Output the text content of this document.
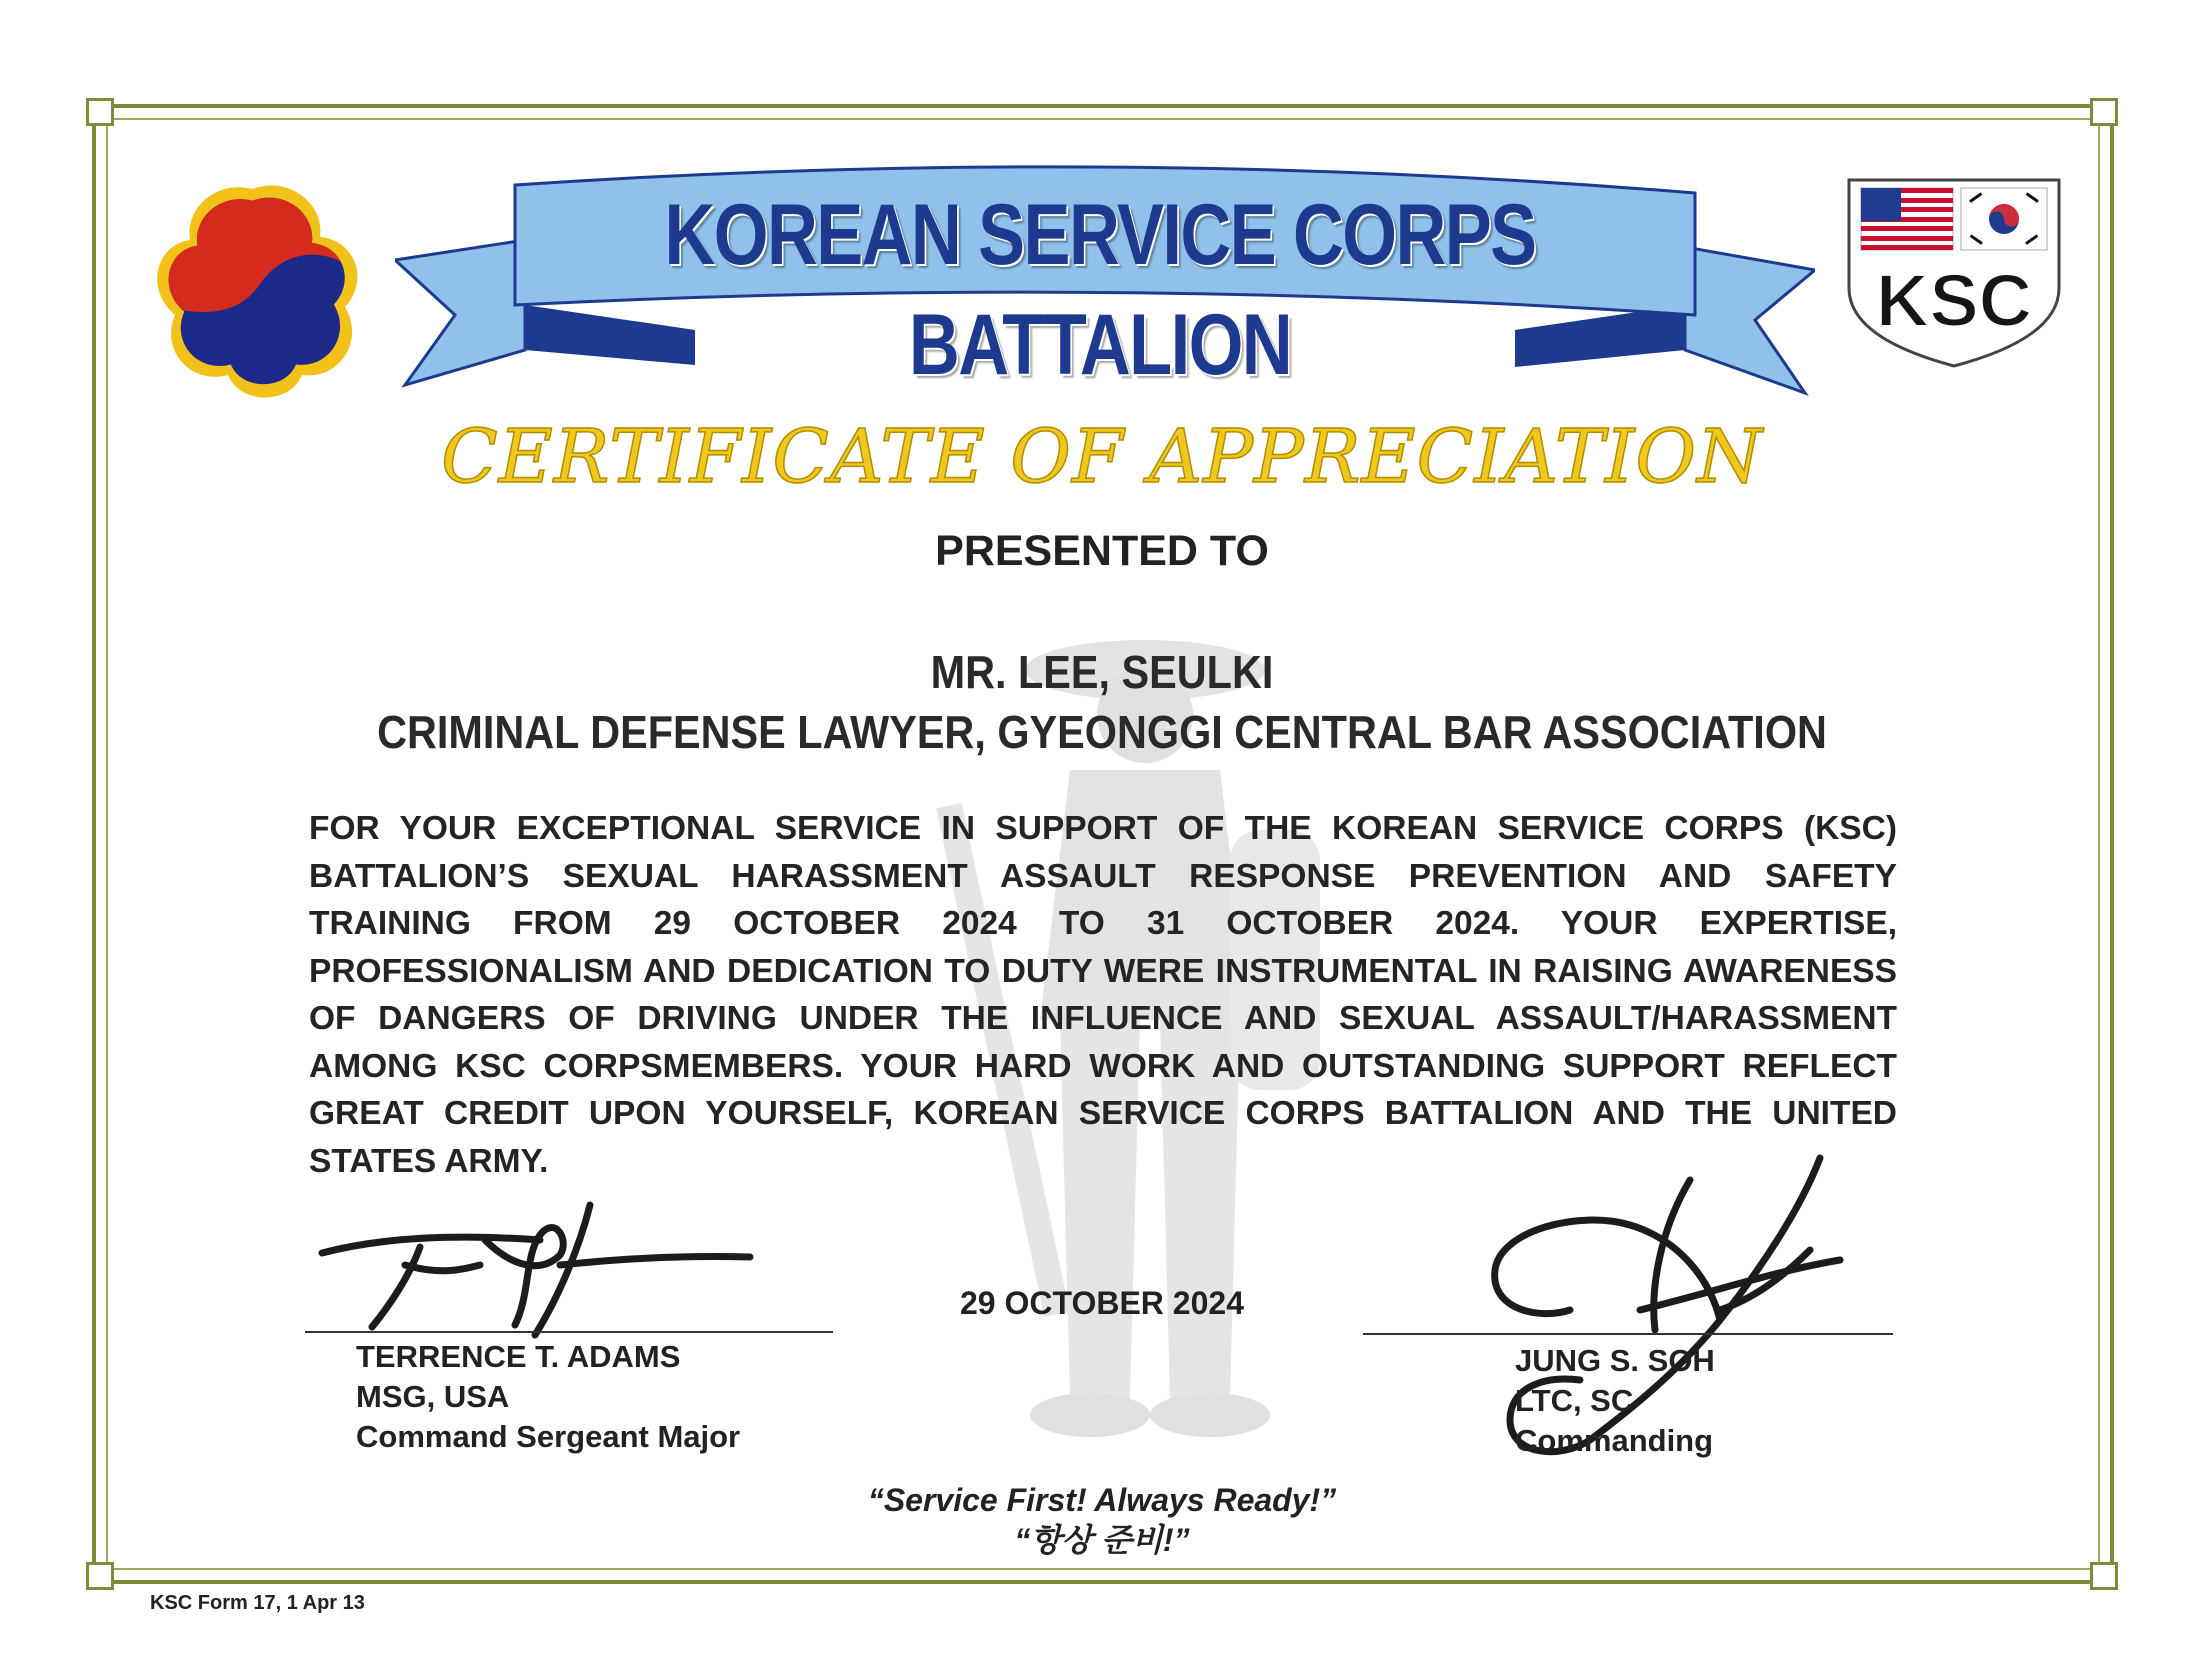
KOREAN SERVICE CORPS BATTALION	KSC
CERTIFICATE OF APPRECIATION
PRESENTED TO
MR. LEE, SEULKI
CRIMINAL DEFENSE LAWYER, GYEONGGI CENTRAL BAR ASSOCIATION
FOR YOUR EXCEPTIONAL SERVICE IN SUPPORT OF THE KOREAN SERVICE CORPS (KSC) BATTALION’S SEXUAL HARASSMENT ASSAULT RESPONSE PREVENTION AND SAFETY TRAINING FROM 29 OCTOBER 2024 TO 31 OCTOBER 2024. YOUR EXPERTISE, PROFESSIONALISM AND DEDICATION TO DUTY WERE INSTRUMENTAL IN RAISING AWARENESS OF DANGERS OF DRIVING UNDER THE INFLUENCE AND SEXUAL ASSAULT/HARASSMENT AMONG KSC CORPSMEMBERS. YOUR HARD WORK AND OUTSTANDING SUPPORT REFLECT GREAT CREDIT UPON YOURSELF, KOREAN SERVICE CORPS BATTALION AND THE UNITED STATES ARMY.
TERRENCE T. ADAMS
MSG, USA
Command Sergeant Major
29 OCTOBER 2024
JUNG S. SOH
LTC, SC
Commanding
“Service First! Always Ready!”
“항상 준비!”
KSC Form 17, 1 Apr 13
